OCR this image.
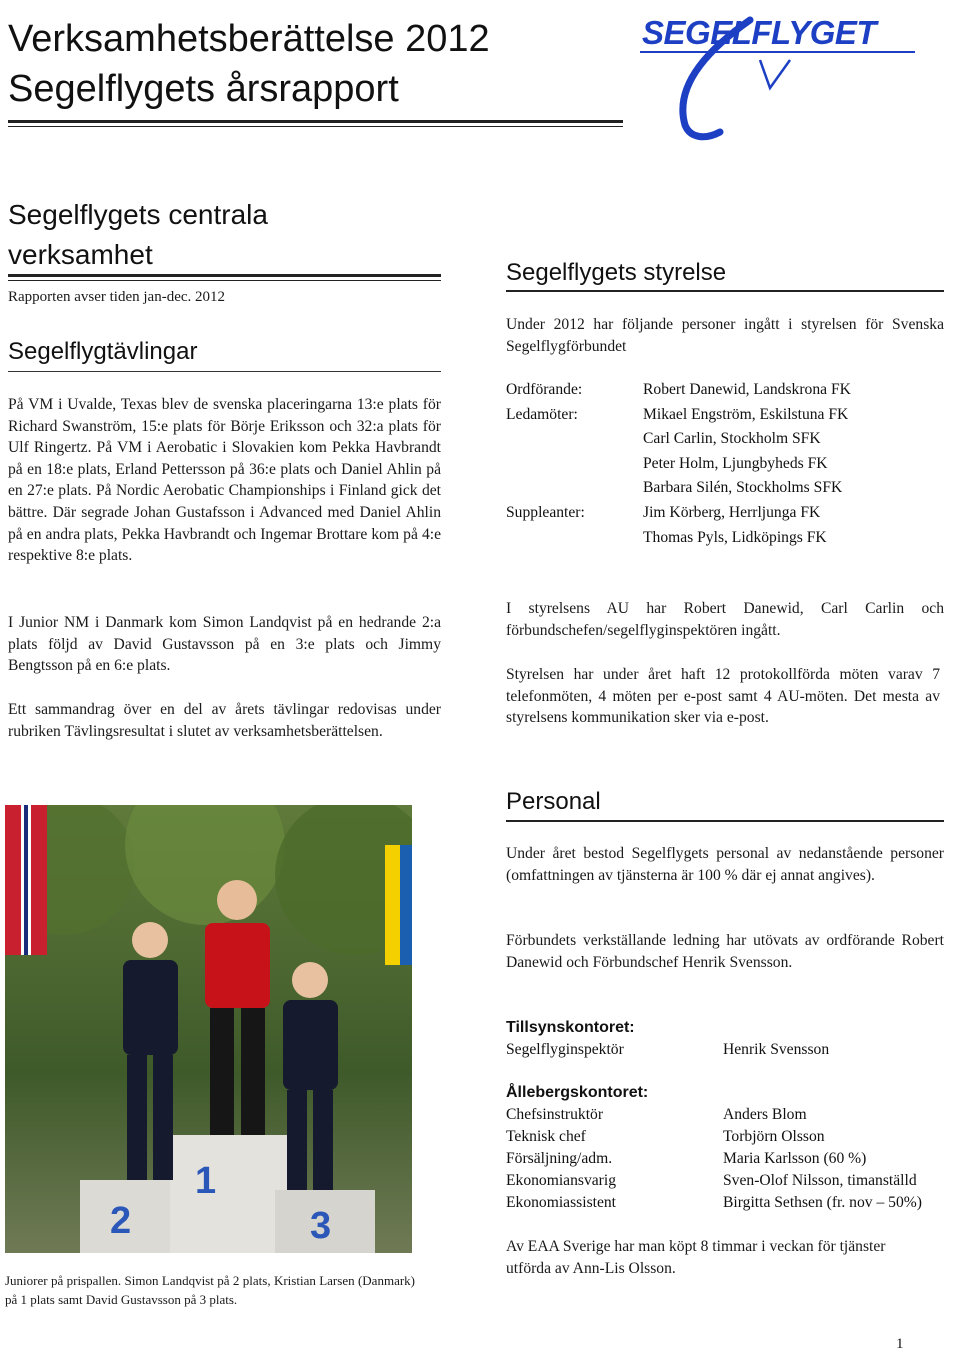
Verksamhetsberättelse 2012
Segelflygets årsrapport
SEGELFLYGET
Segelflygets centrala
verksamhet
Rapporten avser tiden jan-dec. 2012
Segelflygtävlingar
På VM i Uvalde, Texas blev de svenska placeringarna 13:e plats för Richard Swanström, 15:e plats för Börje Eriksson och 32:a plats för Ulf Ringertz. På VM i Aerobatic i Slovakien kom Pekka Havbrandt på en 18:e plats, Erland Pettersson på 36:e plats och Daniel Ahlin på en 27:e plats. På Nordic Aerobatic Championships i Finland gick det bättre. Där segrade Johan Gustafsson i Advanced med Daniel Ahlin på en andra plats, Pekka Havbrandt och Ingemar Brottare kom på 4:e respektive 8:e plats.
I Junior NM i Danmark kom Simon Landqvist på en hedrande 2:a plats följd av David Gustavsson på en 3:e plats och Jimmy Bengtsson på en 6:e plats.
Ett sammandrag över en del av årets tävlingar redovisas under rubriken Tävlingsresultat i slutet av verksamhetsberättelsen.
1
2	3
Juniorer på prispallen. Simon Landqvist på 2 plats, Kristian Larsen (Danmark) på 1 plats samt David Gustavsson på 3 plats.
Segelflygets styrelse
Under 2012 har följande personer ingått i styrelsen för Svenska Segelflygförbundet
Ordförande:	Robert Danewid, Landskrona FK
Ledamöter:	Mikael Engström, Eskilstuna FK
Carl Carlin, Stockholm SFK
Peter Holm, Ljungbyheds FK
Barbara Silén, Stockholms SFK
Suppleanter:	Jim Körberg, Herrljunga FK
Thomas Pyls, Lidköpings FK
I styrelsens AU har Robert Danewid, Carl Carlin och förbundschefen/segelflyginspektören ingått.
Styrelsen har under året haft 12 protokollförda möten varav 7 telefonmöten, 4 möten per e-post samt 4 AU-möten. Det mesta av styrelsens kommunikation sker via e-post.
Personal
Under året bestod Segelflygets personal av nedanstående personer (omfattningen av tjänsterna är 100 % där ej annat angives).
Förbundets verkställande ledning har utövats av ordförande Robert Danewid och Förbundschef Henrik Svensson.
Tillsynskontoret:
Segelflyginspektör	Henrik Svensson
Ållebergskontoret:
Chefsinstruktör	Anders Blom
Teknisk chef	Torbjörn Olsson
Försäljning/adm.	Maria Karlsson (60 %)
Ekonomiansvarig	Sven-Olof Nilsson, timanställd
Ekonomiassistent	Birgitta Sethsen (fr. nov – 50%)
Av EAA Sverige har man köpt 8 timmar i veckan för tjänster utförda av Ann-Lis Olsson.
1
